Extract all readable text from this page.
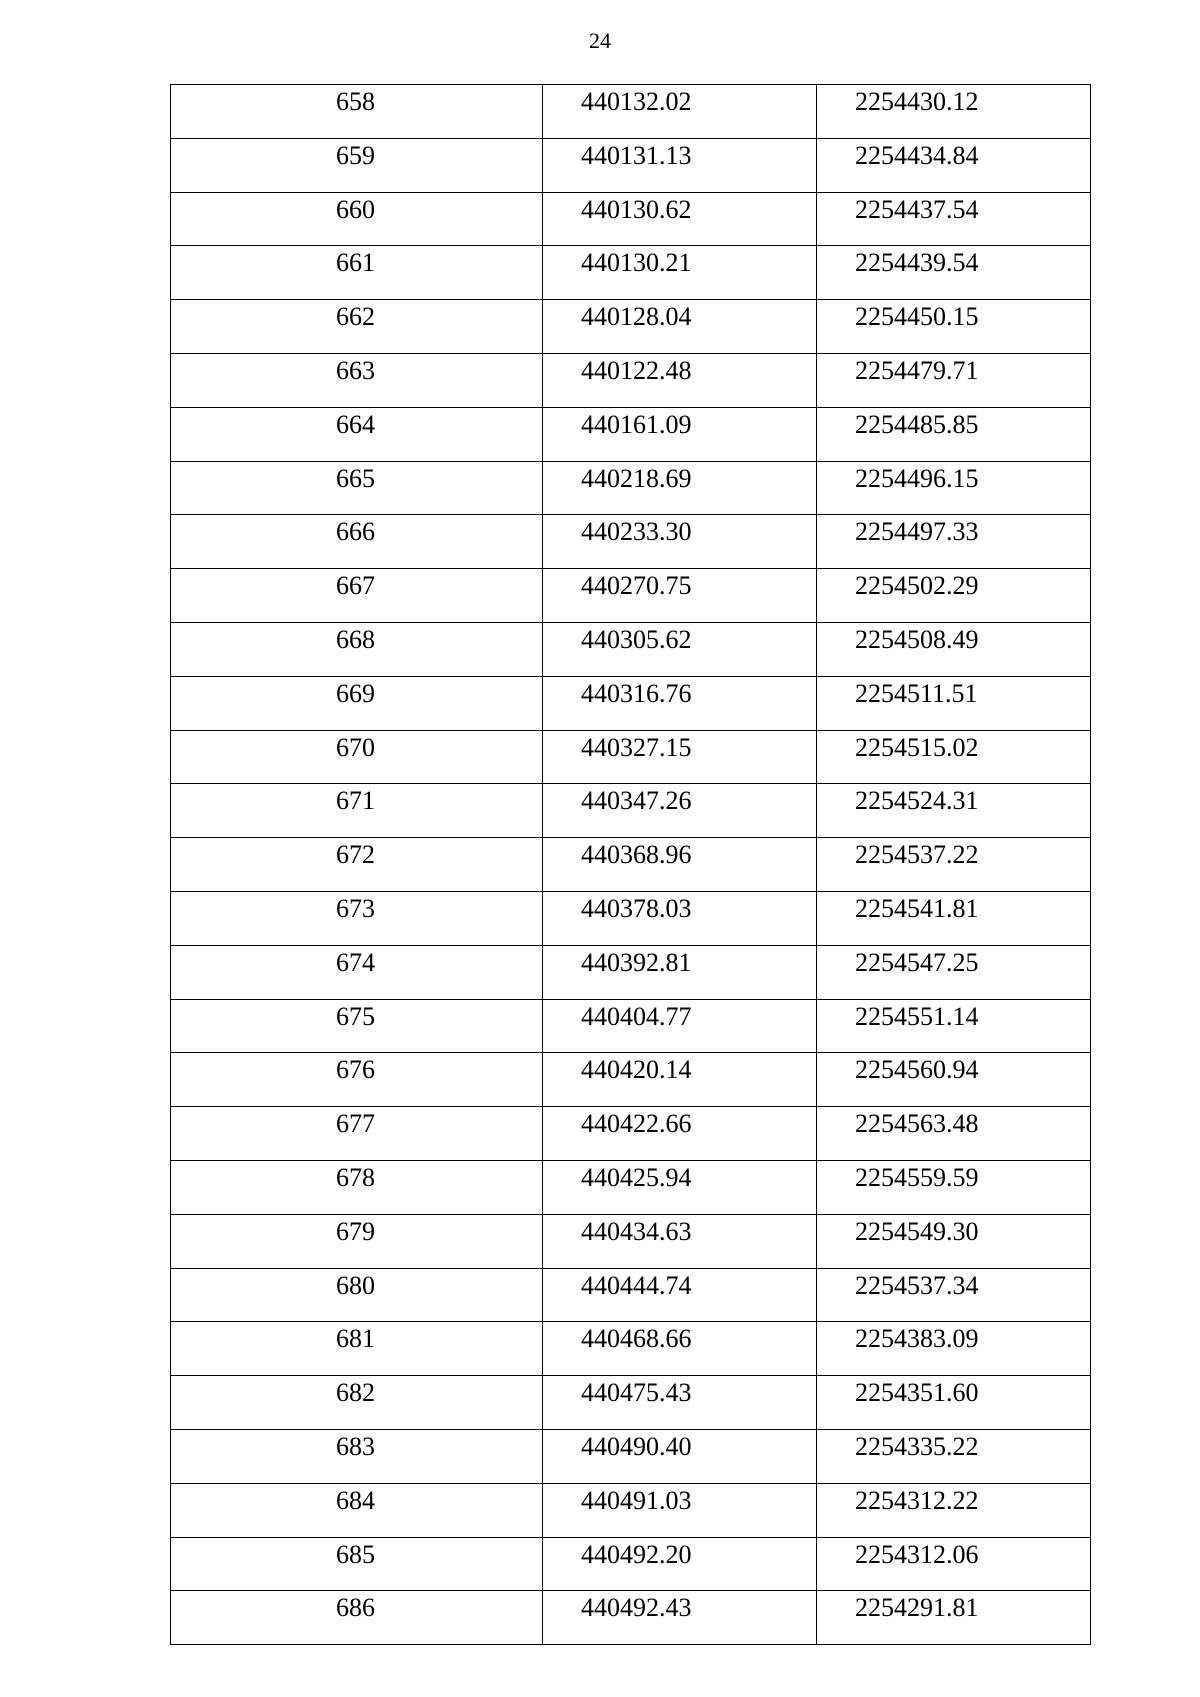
24
658	440132.02	2254430.12

659	440131.13	2254434.84

660	440130.62	2254437.54

661	440130.21	2254439.54

662	440128.04	2254450.15

663	440122.48	2254479.71

664	440161.09	2254485.85

665	440218.69	2254496.15

666	440233.30	2254497.33

667	440270.75	2254502.29

668	440305.62	2254508.49

669	440316.76	2254511.51

670	440327.15	2254515.02

671	440347.26	2254524.31

672	440368.96	2254537.22

673	440378.03	2254541.81

674	440392.81	2254547.25

675	440404.77	2254551.14

676	440420.14	2254560.94

677	440422.66	2254563.48

678	440425.94	2254559.59

679	440434.63	2254549.30

680	440444.74	2254537.34

681	440468.66	2254383.09

682	440475.43	2254351.60

683	440490.40	2254335.22

684	440491.03	2254312.22

685	440492.20	2254312.06

686	440492.43	2254291.81
